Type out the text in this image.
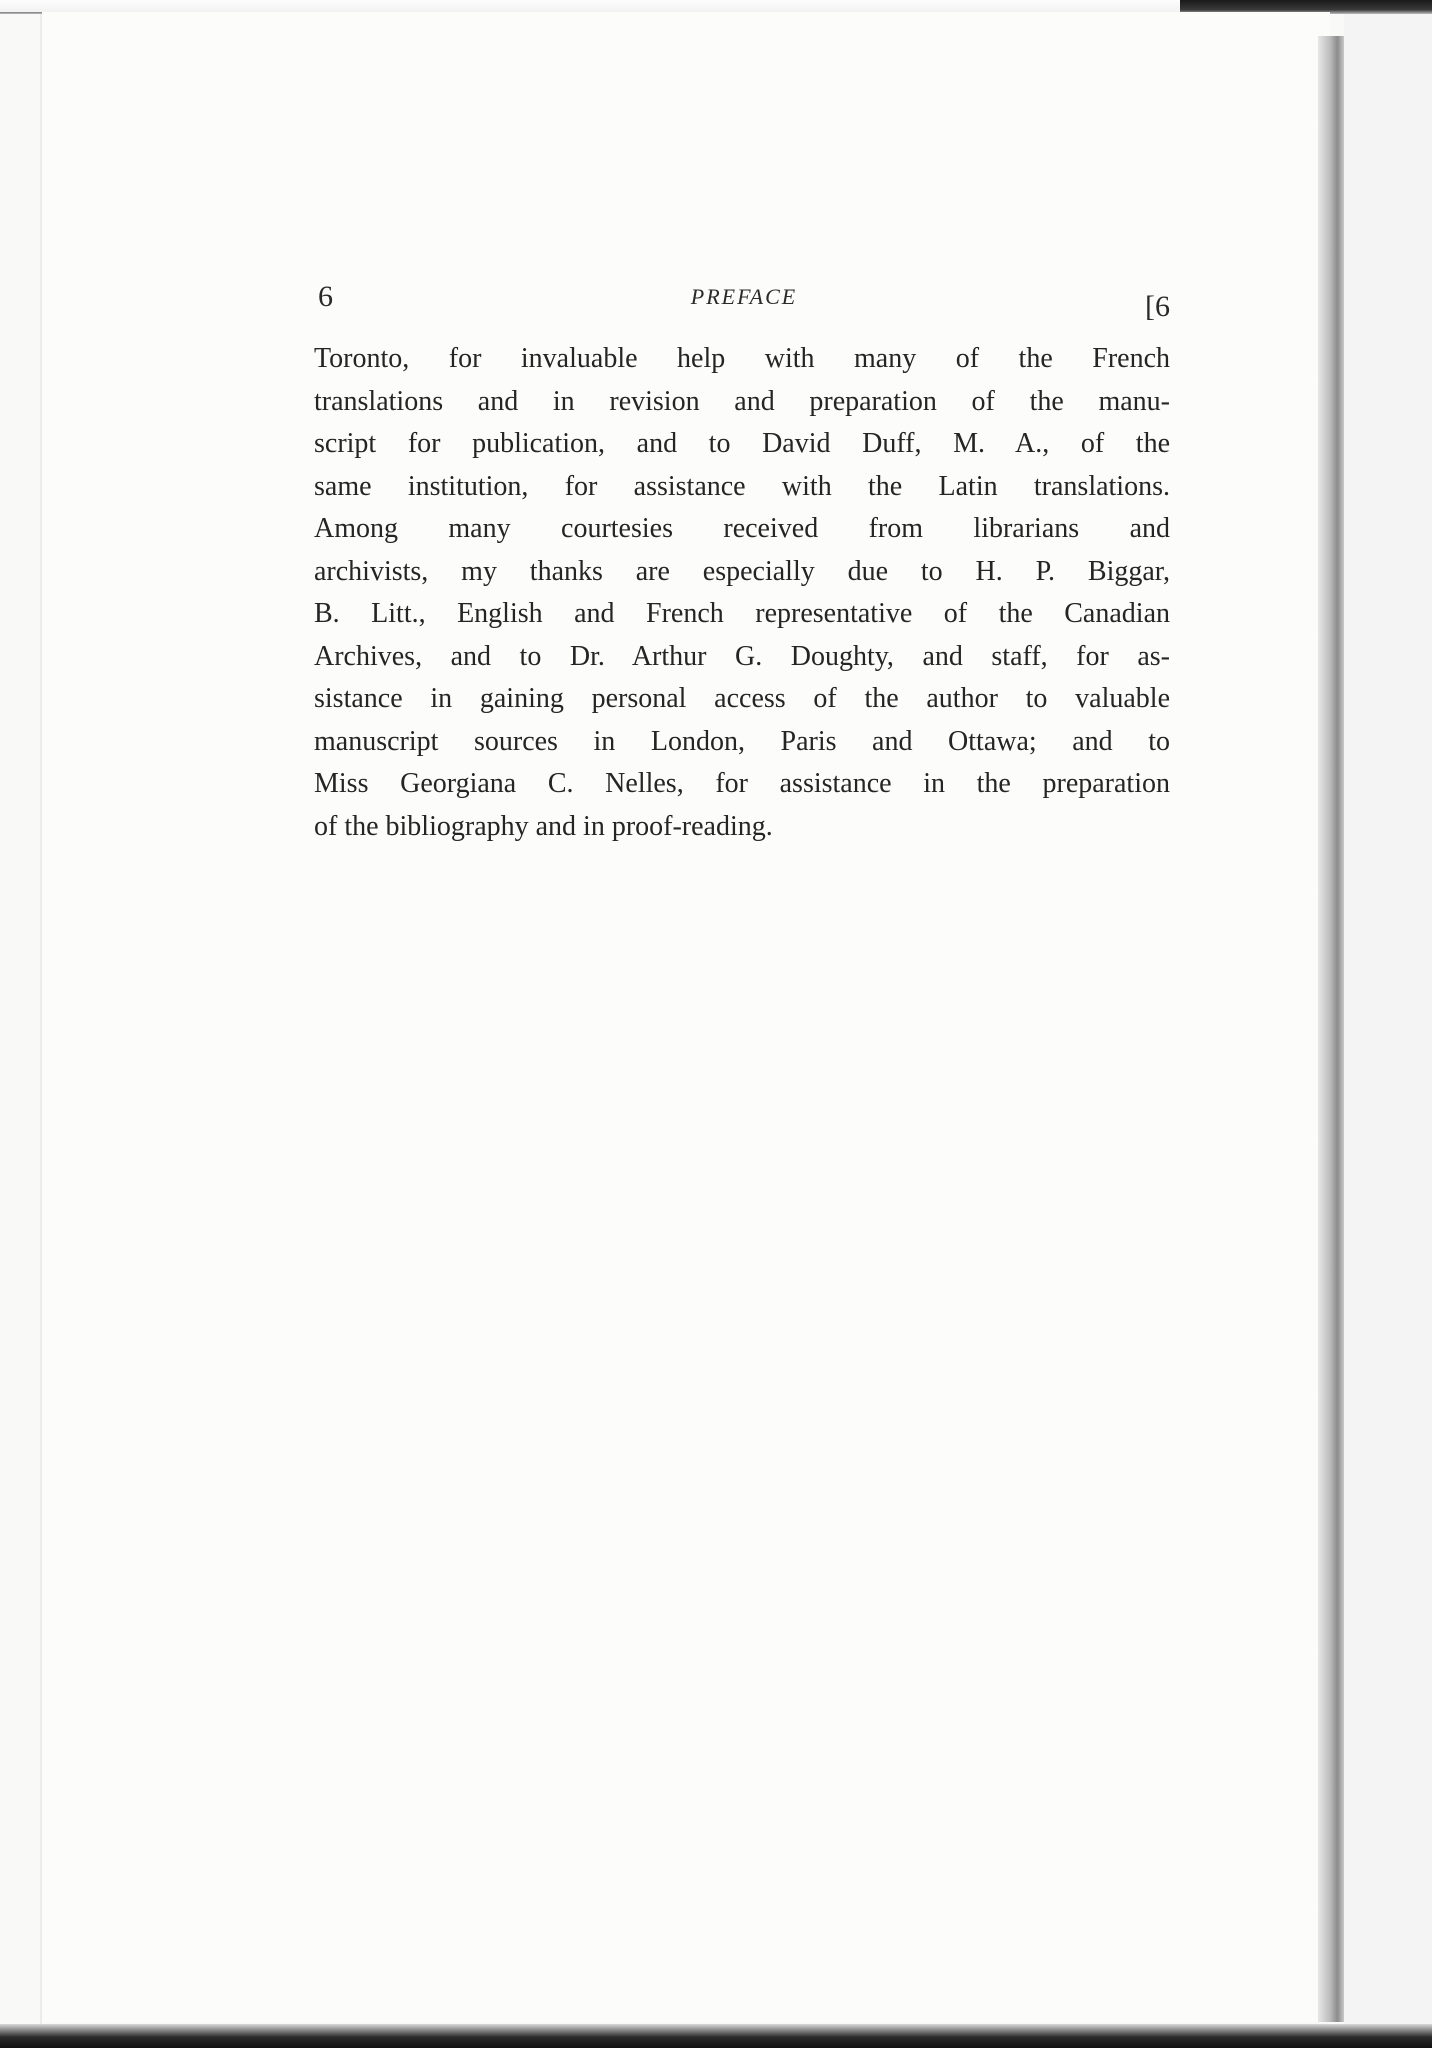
6	PREFACE	[6
Toronto, for invaluable help with many of the French
translations and in revision and preparation of the manu-
script for publication, and to David Duff, M. A., of the
same institution, for assistance with the Latin translations.
Among many courtesies received from librarians and
archivists, my thanks are especially due to H. P. Biggar,
B. Litt., English and French representative of the Canadian
Archives, and to Dr. Arthur G. Doughty, and staff, for as-
sistance in gaining personal access of the author to valuable
manuscript sources in London, Paris and Ottawa; and to
Miss Georgiana C. Nelles, for assistance in the preparation
of the bibliography and in proof-reading.
